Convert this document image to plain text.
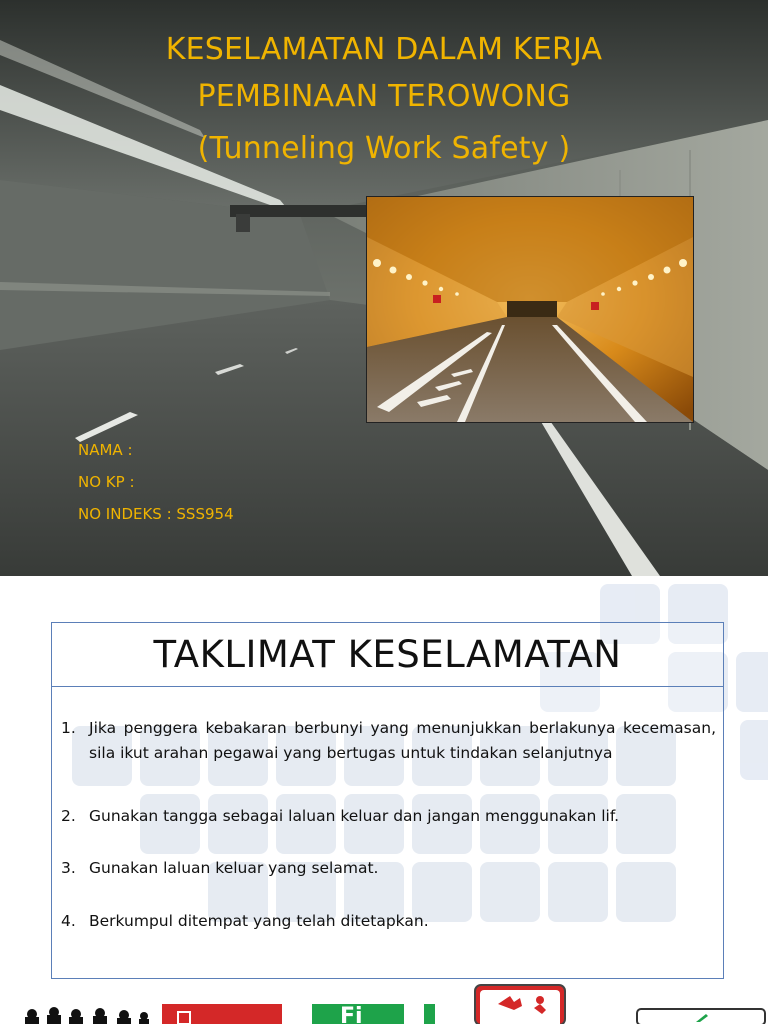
KESELAMATAN DALAM KERJA
PEMBINAAN TEROWONG
(Tunneling Work Safety )
NAMA :
NO KP :
NO INDEKS : SSS954
TAKLIMAT KESELAMATAN
1. Jika penggera kebakaran berbunyi yang menunjukkan berlakunya kecemasan, sila ikut arahan pegawai yang bertugas untuk tindakan selanjutnya
2. Gunakan tangga sebagai laluan keluar dan jangan menggunakan lif.
3. Gunakan laluan keluar yang selamat.
4. Berkumpul ditempat yang telah ditetapkan.
Fi
